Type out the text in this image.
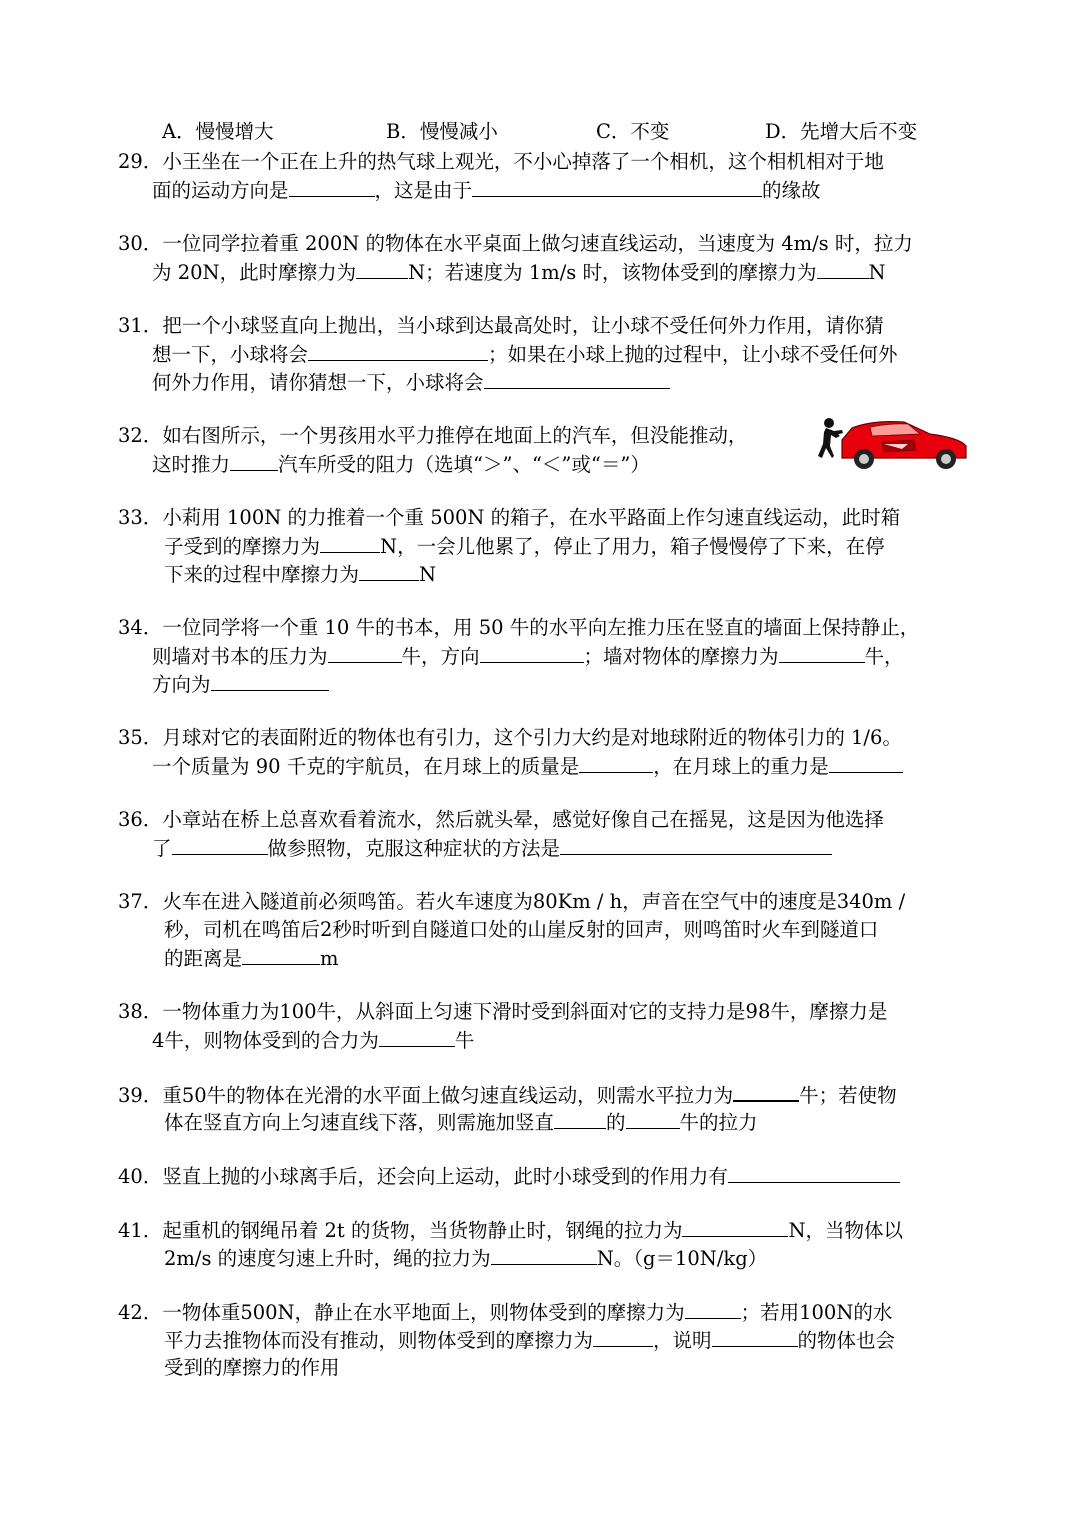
A．慢慢增大	B．慢慢减小	C．不变	D．先增大后不变
29．小王坐在一个正在上升的热气球上观光，不小心掉落了一个相机，这个相机相对于地
面的运动方向是	，这是由于	的缘故
30．一位同学拉着重 200N 的物体在水平桌面上做匀速直线运动，当速度为 4m/s 时，拉力
为 20N，此时摩擦力为	N；若速度为 1m/s 时，该物体受到的摩擦力为	N
31．把一个小球竖直向上抛出，当小球到达最高处时，让小球不受任何外力作用，请你猜
想一下，小球将会	；如果在小球上抛的过程中，让小球不受任何外
何外力作用，请你猜想一下，小球将会
32．如右图所示，一个男孩用水平力推停在地面上的汽车，但没能推动，
这时推力 汽车所受的阻力（选填“＞”、“＜”或“＝”）
33．小莉用 100N 的力推着一个重 500N 的箱子，在水平路面上作匀速直线运动，此时箱
子受到的摩擦力为	N，一会儿他累了，停止了用力，箱子慢慢停了下来，在停
下来的过程中摩擦力为	N
34．一位同学将一个重 10 牛的书本，用 50 牛的水平向左推力压在竖直的墙面上保持静止，
则墙对书本的压力为	牛，方向	；墙对物体的摩擦力为	牛，
方向为
35．月球对它的表面附近的物体也有引力，这个引力大约是对地球附近的物体引力的 1/6。
一个质量为 90 千克的宇航员，在月球上的质量是	，在月球上的重力是
36．小章站在桥上总喜欢看着流水，然后就头晕，感觉好像自己在摇晃，这是因为他选择
了	做参照物，克服这种症状的方法是
37．火车在进入隧道前必须鸣笛。若火车速度为80Km / h，声音在空气中的速度是340m /
秒，司机在鸣笛后2秒时听到自隧道口处的山崖反射的回声，则鸣笛时火车到隧道口
的距离是	m
38．一物体重力为100牛，从斜面上匀速下滑时受到斜面对它的支持力是98牛，摩擦力是
4牛，则物体受到的合力为	牛
39．重50牛的物体在光滑的水平面上做匀速直线运动，则需水平拉力为	牛；若使物
体在竖直方向上匀速直线下落，则需施加竖直	的	牛的拉力
40．竖直上抛的小球离手后，还会向上运动，此时小球受到的作用力有
41．起重机的钢绳吊着 2t 的货物，当货物静止时，钢绳的拉力为	N，当物体以
2m/s 的速度匀速上升时，绳的拉力为	N。（g＝10N/kg）
42．一物体重500N，静止在水平地面上，则物体受到的摩擦力为	；若用100N的水
平力去推物体而没有推动，则物体受到的摩擦力为	，说明	的物体也会
受到的摩擦力的作用
